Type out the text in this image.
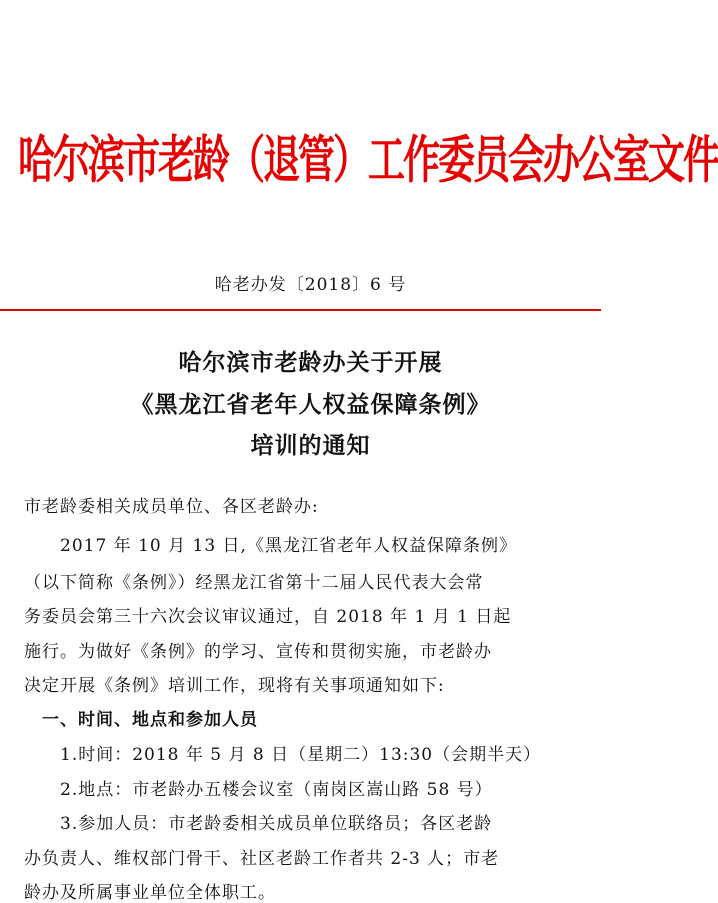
哈尔滨市老龄（退管）工作委员会办公室文件
哈老办发〔2018〕6 号
哈尔滨市老龄办关于开展
《黑龙江省老年人权益保障条例》
培训的通知
市老龄委相关成员单位、各区老龄办:
　　2017 年 10 月 13 日,《黑龙江省老年人权益保障条例》
（以下简称《条例》）经黑龙江省第十二届人民代表大会常
务委员会第三十六次会议审议通过，自 2018 年 1 月 1 日起
施行。为做好《条例》的学习、宣传和贯彻实施，市老龄办
决定开展《条例》培训工作，现将有关事项通知如下:
　一、时间、地点和参加人员
　　1.时间：2018 年 5 月 8 日（星期二）13:30（会期半天）
　　2.地点：市老龄办五楼会议室（南岗区嵩山路 58 号）
　　3.参加人员：市老龄委相关成员单位联络员；各区老龄
办负责人、维权部门骨干、社区老龄工作者共 2-3 人；市老
龄办及所属事业单位全体职工。
